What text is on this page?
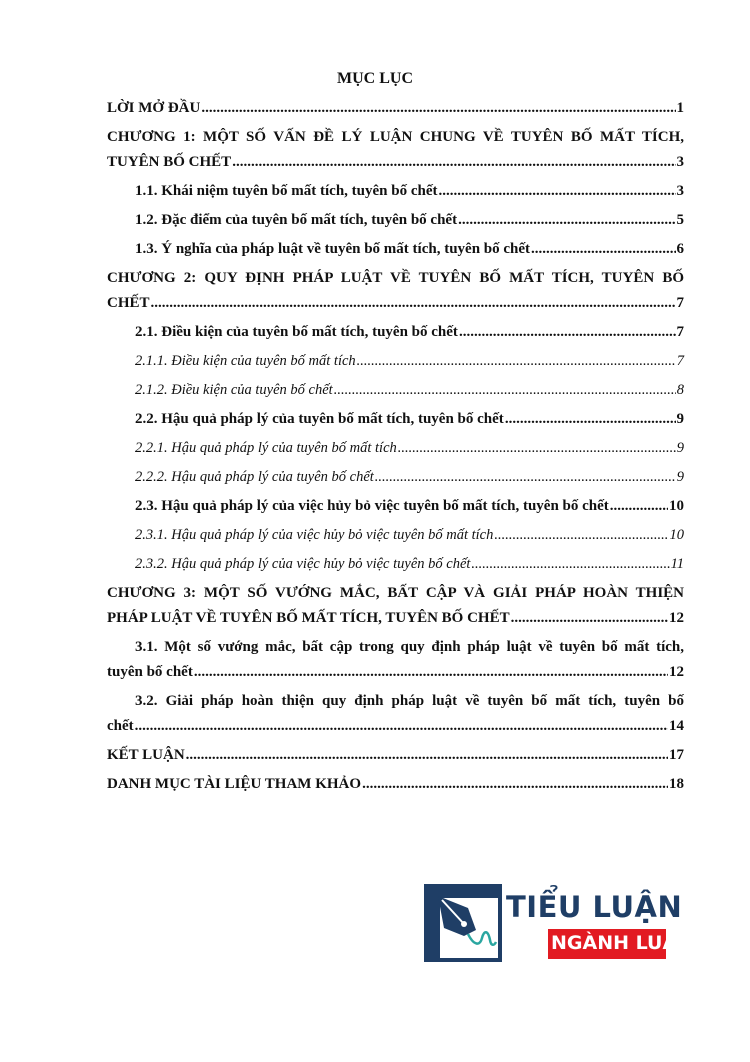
MỤC LỤC
LỜI MỞ ĐẦU .....	1
CHƯƠNG 1: MỘT SỐ VẤN ĐỀ LÝ LUẬN CHUNG VỀ TUYÊN BỐ MẤT TÍCH,
TUYÊN BỐ CHẾT .....	3
1.1. Khái niệm tuyên bố mất tích, tuyên bố chết .....	3
1.2. Đặc điểm của tuyên bố mất tích, tuyên bố chết .....	5
1.3. Ý nghĩa của pháp luật về tuyên bố mất tích, tuyên bố chết .....	6
CHƯƠNG 2: QUY ĐỊNH PHÁP LUẬT VỀ TUYÊN BỐ MẤT TÍCH, TUYÊN BỐ
CHẾT .....	7
2.1. Điều kiện của tuyên bố mất tích, tuyên bố chết .....	7
2.1.1. Điều kiện của tuyên bố mất tích .....	7
2.1.2. Điều kiện của tuyên bố chết .....	8
2.2. Hậu quả pháp lý của tuyên bố mất tích, tuyên bố chết .....	9
2.2.1. Hậu quả pháp lý của tuyên bố mất tích .....	9
2.2.2. Hậu quả pháp lý của tuyên bố chết .....	9
2.3. Hậu quả pháp lý của việc hủy bỏ việc tuyên bố mất tích, tuyên bố chết .....	10
2.3.1. Hậu quả pháp lý của việc hủy bỏ việc tuyên bố mất tích .....	10
2.3.2. Hậu quả pháp lý của việc hủy bỏ việc tuyên bố chết .....	11
CHƯƠNG 3: MỘT SỐ VƯỚNG MẮC, BẤT CẬP VÀ GIẢI PHÁP HOÀN THIỆN
PHÁP LUẬT VỀ TUYÊN BỐ MẤT TÍCH, TUYÊN BỐ CHẾT .....	12
3.1. Một số vướng mắc, bất cập trong quy định pháp luật về tuyên bố mất tích,
tuyên bố chết .....	12
3.2. Giải pháp hoàn thiện quy định pháp luật về tuyên bố mất tích, tuyên bố
chết .....	14
KẾT LUẬN .....	17
DANH MỤC TÀI LIỆU THAM KHẢO .....	18
TIỂU LUẬN
NGÀNH LUẬT
